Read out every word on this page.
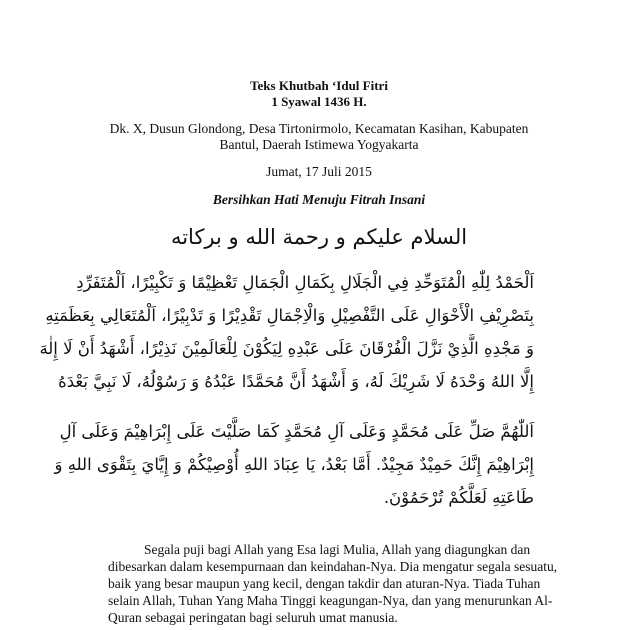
Teks Khutbah ‘Idul Fitri
1 Syawal 1436 H.
Dk. X, Dusun Glondong, Desa Tirtonirmolo, Kecamatan Kasihan, Kabupaten
Bantul, Daerah Istimewa Yogyakarta
Jumat, 17 Juli 2015
Bersihkan Hati Menuju Fitrah Insani
السلام عليكم و رحمة الله و بركاته
اَلْحَمْدُ لِلّٰهِ الْمُتَوَحِّدِ فِي الْجَلَالِ بِكَمَالِ الْجَمَالِ تَعْظِيْمًا وَ تَكْبِيْرًا، اَلْمُتَفَرِّدِ
بِتَصْرِيْفِ الْأَحْوَالِ عَلَى التَّفْصِيْلِ وَالْاِجْمَالِ تَقْدِيْرًا وَ تَدْبِيْرًا، اَلْمُتَعَالِي بِعَظَمَتِهِ
وَ مَجْدِهِ الَّذِيْ نَزَّلَ الْفُرْقَانَ عَلَى عَبْدِهِ لِيَكُوْنَ لِلْعَالَمِيْنَ نَذِيْرًا، أَشْهَدُ أَنْ لَا إِلٰهَ
إِلَّا اللهُ وَحْدَهُ لَا شَرِيْكَ لَهُ، وَ أَشْهَدُ أَنَّ مُحَمَّدًا عَبْدُهُ وَ رَسُوْلُهُ، لَا نَبِيَّ بَعْدَهُ
اَللّٰهُمَّ صَلِّ عَلَى مُحَمَّدٍ وَعَلَى آلِ مُحَمَّدٍ كَمَا صَلَّيْتَ عَلَى إِبْرَاهِيْمَ وَعَلَى آلِ
إِبْرَاهِيْمَ إِنَّكَ حَمِيْدٌ مَجِيْدٌ. أَمَّا بَعْدُ، يَا عِبَادَ اللهِ أُوْصِيْكُمْ وَ إِيَّايَ بِتَقْوَى اللهِ وَ
طَاعَتِهِ لَعَلَّكُمْ تُرْحَمُوْنَ.
Segala puji bagi Allah yang Esa lagi Mulia, Allah yang diagungkan dan
dibesarkan dalam kesempurnaan dan keindahan-Nya. Dia mengatur segala sesuatu,
baik yang besar maupun yang kecil, dengan takdir dan aturan-Nya. Tiada Tuhan
selain Allah, Tuhan Yang Maha Tinggi keagungan-Nya, dan yang menurunkan Al-
Quran sebagai peringatan bagi seluruh umat manusia.
